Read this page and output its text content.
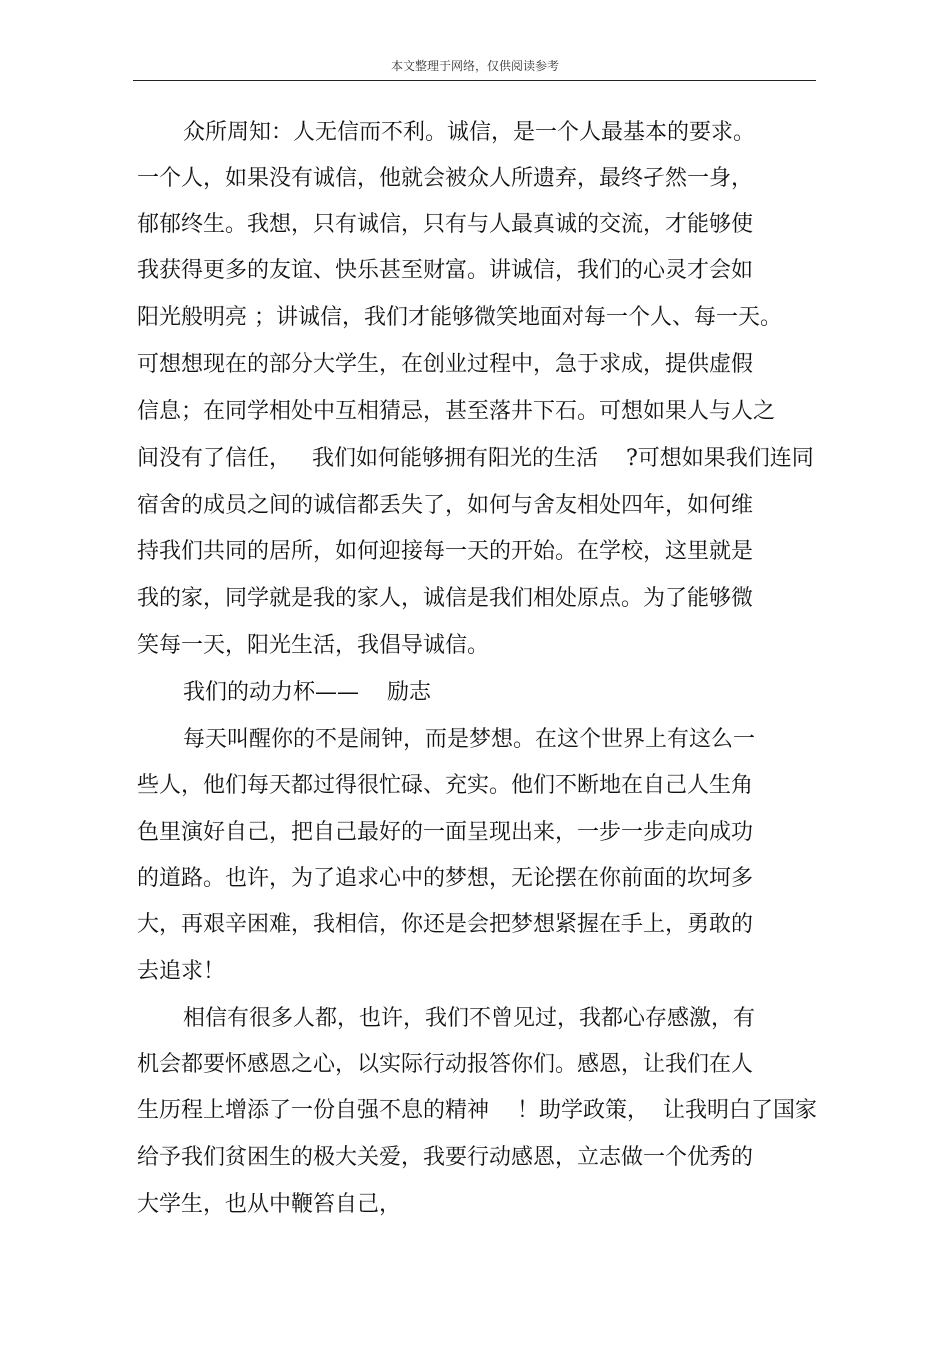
本文整理于网络，仅供阅读参考
众所周知：人无信而不利。诚信，是一个人最基本的要求。
一个人，如果没有诚信，他就会被众人所遗弃，最终孑然一身，
郁郁终生。我想，只有诚信，只有与人最真诚的交流，才能够使
我获得更多的友谊、快乐甚至财富。讲诚信，我们的心灵才会如
阳光般明亮 ；讲诚信，我们才能够微笑地面对每一个人、每一天。
可想想现在的部分大学生，在创业过程中，急于求成，提供虚假
信息；在同学相处中互相猜忌，甚至落井下石。可想如果人与人之
间没有了信任，   我们如何能够拥有阳光的生活    ?可想如果我们连同
宿舍的成员之间的诚信都丢失了，如何与舍友相处四年，如何维
持我们共同的居所，如何迎接每一天的开始。在学校，这里就是
我的家，同学就是我的家人，诚信是我们相处原点。为了能够微
笑每一天，阳光生活，我倡导诚信。
我们的动力杯——    励志
每天叫醒你的不是闹钟，而是梦想。在这个世界上有这么一
些人，他们每天都过得很忙碌、充实。他们不断地在自己人生角
色里演好自己，把自己最好的一面呈现出来，一步一步走向成功
的道路。也许，为了追求心中的梦想，无论摆在你前面的坎坷多
大，再艰辛困难，我相信，你还是会把梦想紧握在手上，勇敢的
去追求！
相信有很多人都，也许，我们不曾见过，我都心存感激，有
机会都要怀感恩之心，以实际行动报答你们。感恩，让我们在人
生历程上增添了一份自强不息的精神    ！助学政策，  让我明白了国家
给予我们贫困生的极大关爱，我要行动感恩，立志做一个优秀的
大学生，也从中鞭笞自己，
